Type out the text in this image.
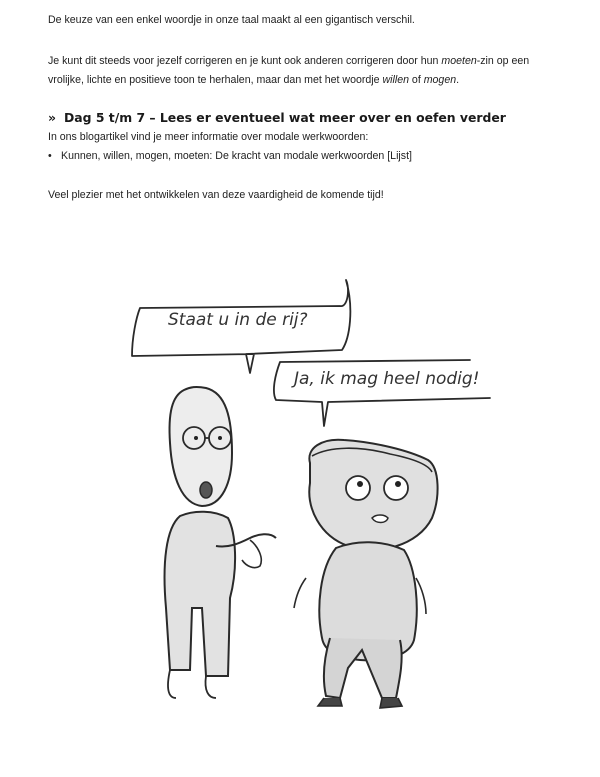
De keuze van een enkel woordje in onze taal maakt al een gigantisch verschil.

Je kunt dit steeds voor jezelf corrigeren en je kunt ook anderen corrigeren door hun moeten-zin op een vrolijke, lichte en positieve toon te herhalen, maar dan met het woordje willen of mogen.

» Dag 5 t/m 7 – Lees er eventueel wat meer over en oefen verder

In ons blogartikel vind je meer informatie over modale werkwoorden:

• Kunnen, willen, mogen, moeten: De kracht van modale werkwoorden [Lijst]

Veel plezier met het ontwikkelen van deze vaardigheid de komende tijd!

Staat u in de rij?
Ja, ik mag heel nodig!
